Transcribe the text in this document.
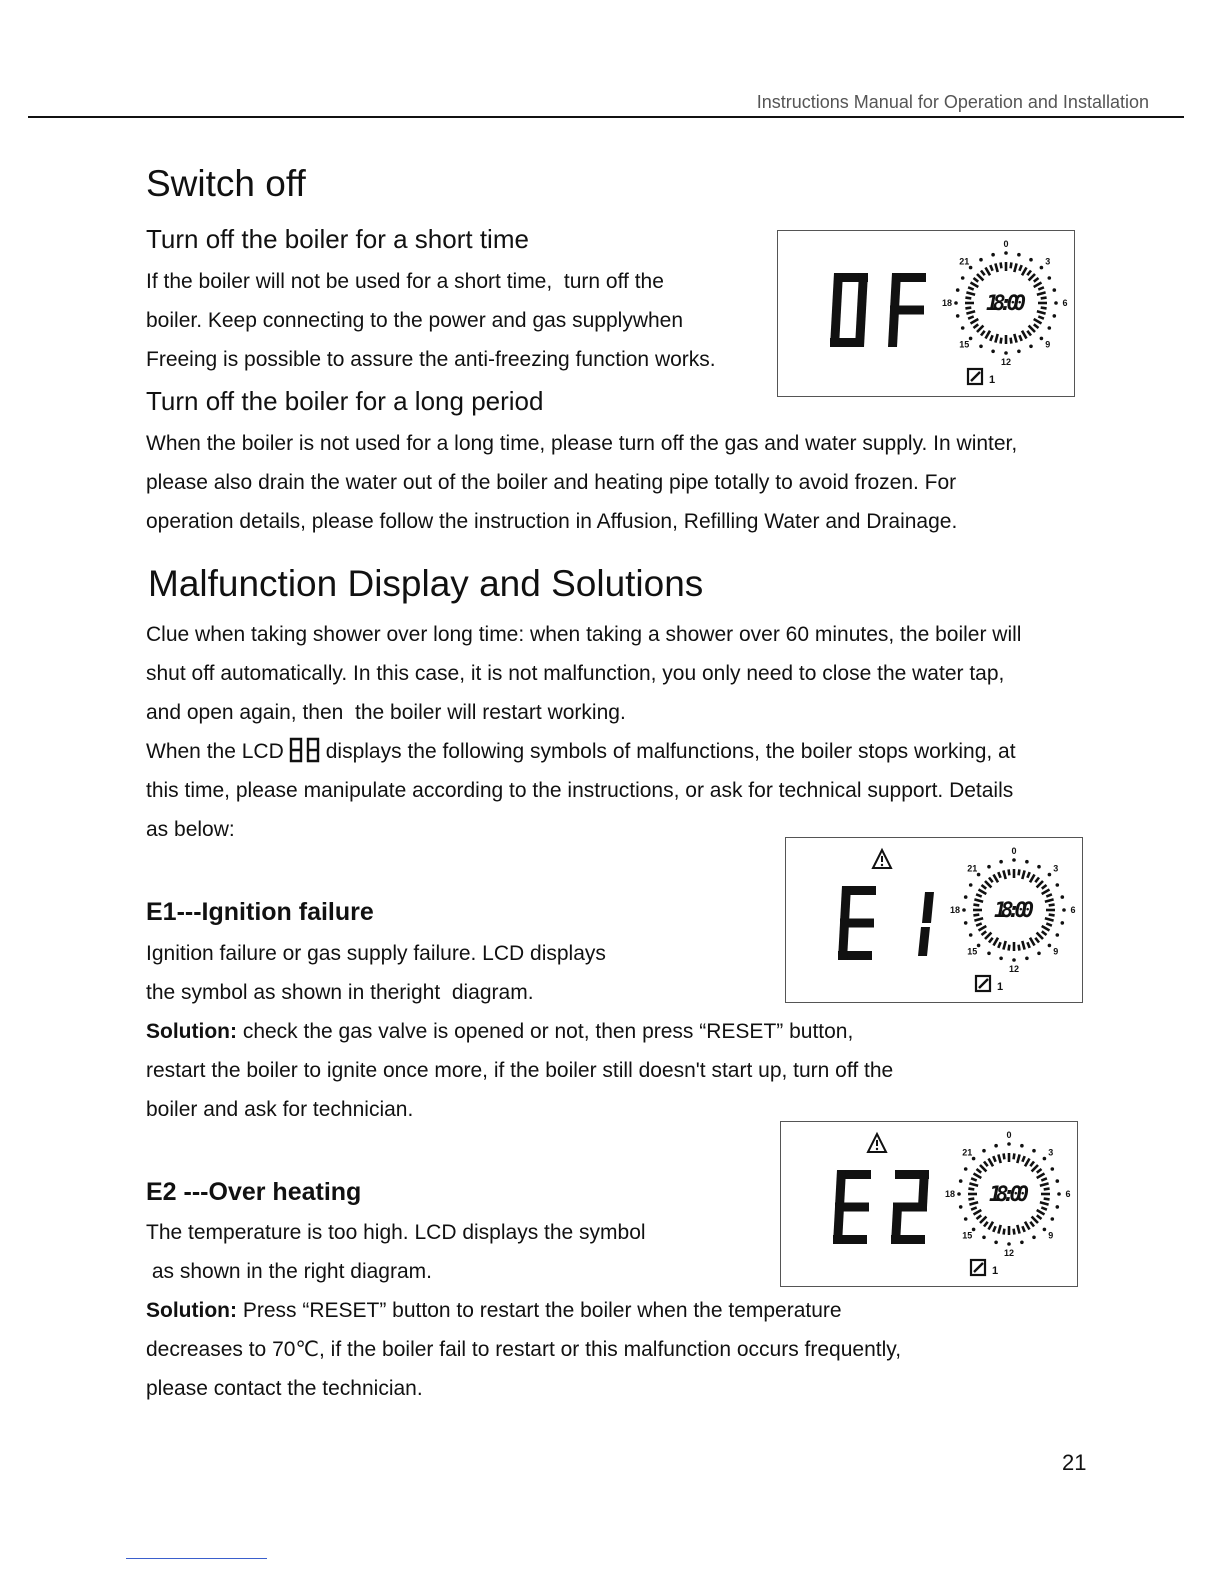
Instructions Manual for Operation and Installation
Switch off
Turn off the boiler for a short time

If the boiler will not be used for a short time,  turn off the

boiler. Keep connecting to the power and gas supplywhen

Freeing is possible to assure the anti-freezing function works.

0
3
6
9
12
15
18
21
18:00
1
Turn off the boiler for a long period

When the boiler is not used for a long time, please turn off the gas and water supply. In winter,

please also drain the water out of the boiler and heating pipe totally to avoid frozen. For

operation details, please follow the instruction in Affusion, Refilling Water and Drainage.

Malfunction Display and Solutions

Clue when taking shower over long time: when taking a shower over 60 minutes, the boiler will

shut off automatically. In this case, it is not malfunction, you only need to close the water tap,

and open again, then  the boiler will restart working.

When the LCD
88
displays the following symbols of malfunctions, the boiler stops working, at

this time, please manipulate according to the instructions, or ask for technical support. Details

as below:

0
3
6
9
12
15
18
21
18:00
1
E1---Ignition failure

Ignition failure or gas supply failure. LCD displays

the symbol as shown in theright  diagram.

Solution: check the gas valve is opened or not, then press “RESET” button,

restart the boiler to ignite once more, if the boiler still doesn't start up, turn off the

boiler and ask for technician.

0
3
6
9
12
15
18
21
18:00
1
E2 ---Over heating

The temperature is too high. LCD displays the symbol

as shown in the right diagram.

Solution: Press “RESET” button to restart the boiler when the temperature

decreases to 70℃, if the boiler fail to restart or this malfunction occurs frequently,

please contact the technician.

21
